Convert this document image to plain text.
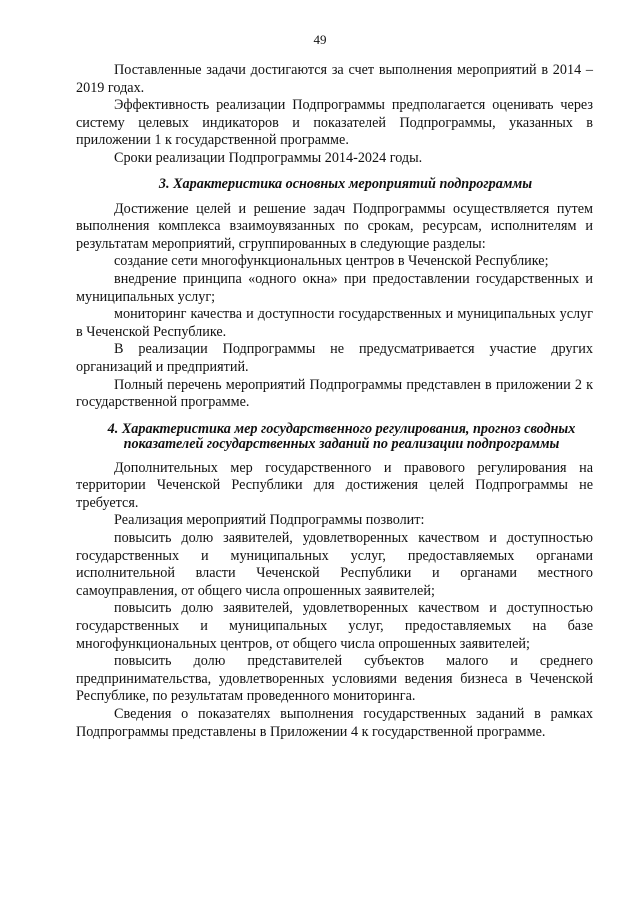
49

Поставленные задачи достигаются за счет выполнения мероприятий в 2014 – 2019 годах.

Эффективность реализации Подпрограммы предполагается оценивать через систему целевых индикаторов и показателей Подпрограммы, указанных в приложении 1 к государственной программе.

Сроки реализации Подпрограммы 2014-2024 годы.

3. Характеристика основных мероприятий подпрограммы

Достижение целей и решение задач Подпрограммы осуществляется путем выполнения комплекса взаимоувязанных по срокам, ресурсам, исполнителям и результатам мероприятий, сгруппированных в следующие разделы:

создание сети многофункциональных центров в Чеченской Республике;

внедрение принципа «одного окна» при предоставлении государственных и муниципальных услуг;

мониторинг качества и доступности государственных и муниципальных услуг в Чеченской Республике.

В реализации Подпрограммы не предусматривается участие других организаций и предприятий.

Полный перечень мероприятий Подпрограммы представлен в приложении 2 к государственной программе.

4. Характеристика мер государственного регулирования, прогноз сводных показателей государственных заданий по реализации подпрограммы

Дополнительных мер государственного и правового регулирования на территории Чеченской Республики для достижения целей Подпрограммы не требуется.

Реализация мероприятий Подпрограммы позволит:

повысить долю заявителей, удовлетворенных качеством и доступностью государственных и муниципальных услуг, предоставляемых органами исполнительной власти Чеченской Республики и органами местного самоуправления, от общего числа опрошенных заявителей;

повысить долю заявителей, удовлетворенных качеством и доступностью государственных и муниципальных услуг, предоставляемых на базе многофункциональных центров, от общего числа опрошенных заявителей;

повысить долю представителей субъектов малого и среднего предпринимательства, удовлетворенных условиями ведения бизнеса в Чеченской Республике, по результатам проведенного мониторинга.

Сведения о показателях выполнения государственных заданий в рамках Подпрограммы представлены в Приложении 4 к государственной программе.
